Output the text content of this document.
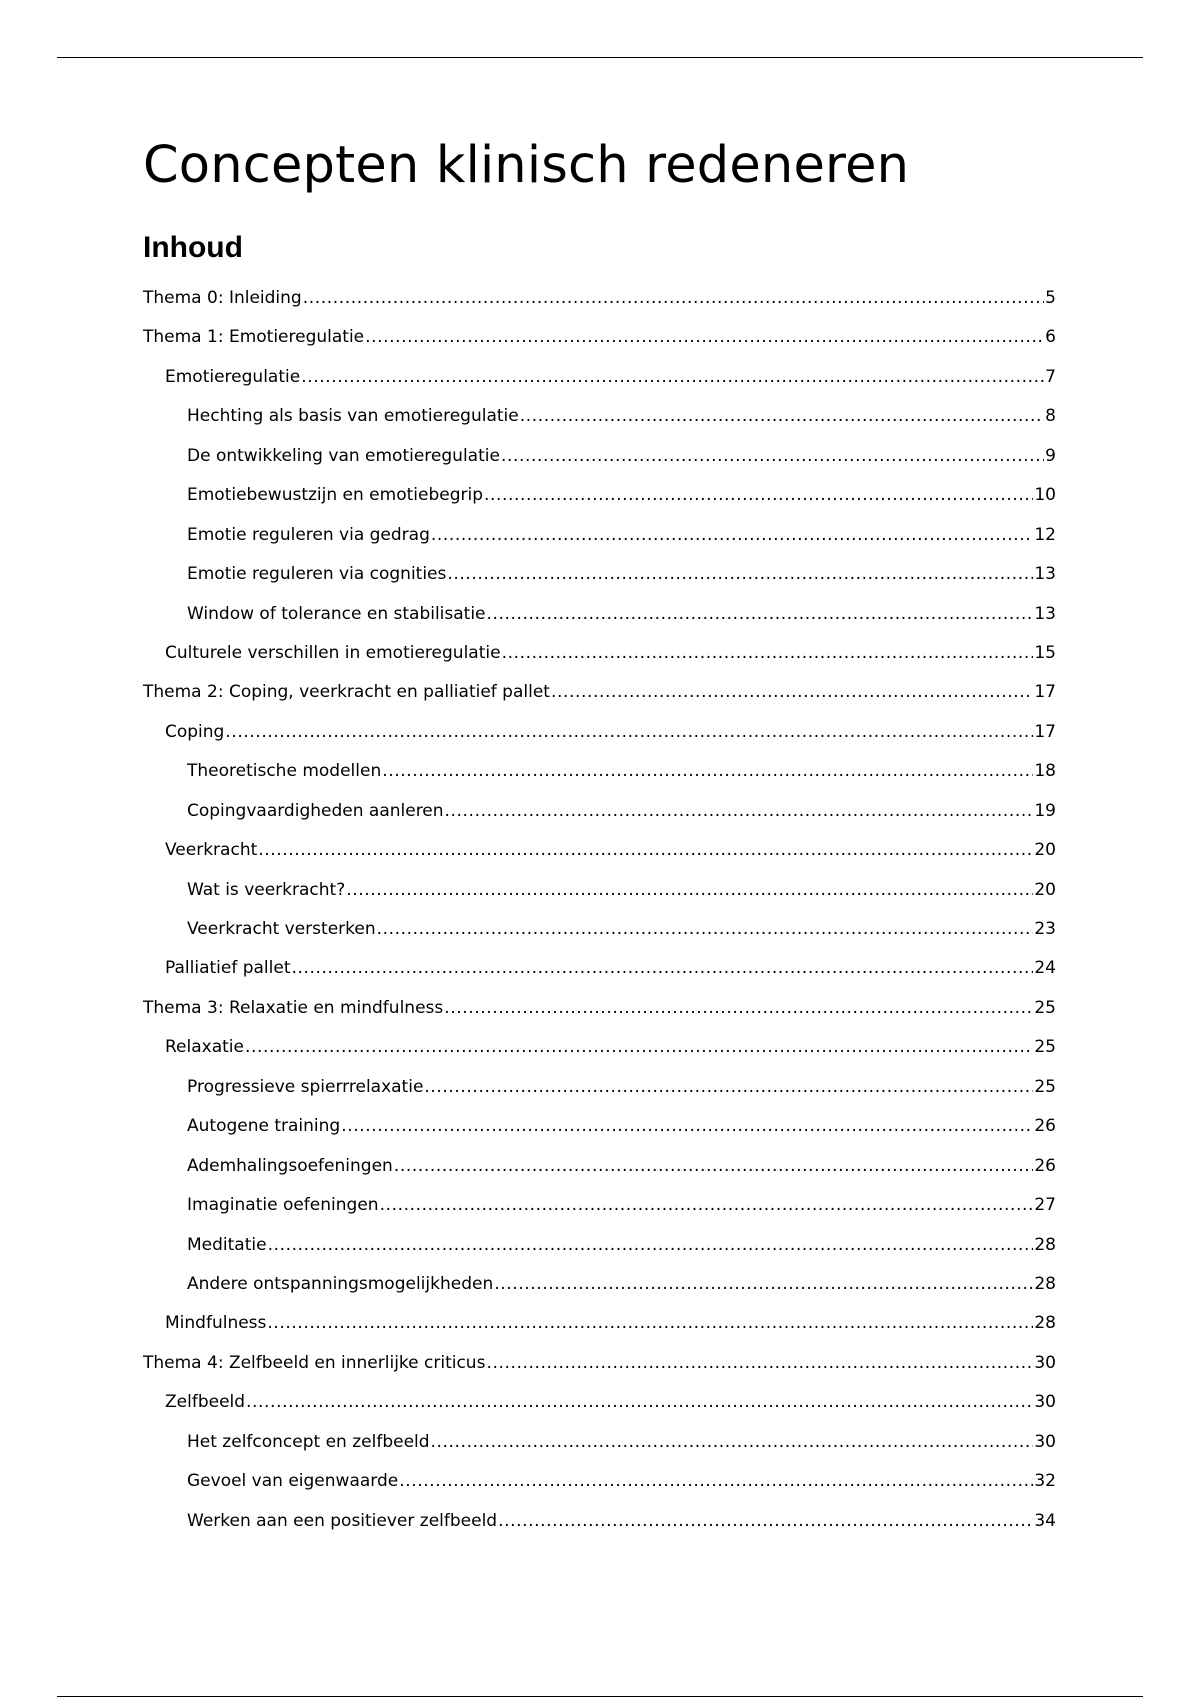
Concepten klinisch redeneren
Inhoud
Thema 0: Inleiding .....	5
Thema 1: Emotieregulatie .....	6
Emotieregulatie .....	7
Hechting als basis van emotieregulatie .....	8
De ontwikkeling van emotieregulatie .....	9
Emotiebewustzijn en emotiebegrip .....	10
Emotie reguleren via gedrag .....	12
Emotie reguleren via cognities .....	13
Window of tolerance en stabilisatie .....	13
Culturele verschillen in emotieregulatie .....	15
Thema 2: Coping, veerkracht en palliatief pallet .....	17
Coping .....	17
Theoretische modellen .....	18
Copingvaardigheden aanleren .....	19
Veerkracht .....	20
Wat is veerkracht? .....	20
Veerkracht versterken .....	23
Palliatief pallet .....	24
Thema 3: Relaxatie en mindfulness .....	25
Relaxatie .....	25
Progressieve spierrrelaxatie .....	25
Autogene training .....	26
Ademhalingsoefeningen .....	26
Imaginatie oefeningen .....	27
Meditatie .....	28
Andere ontspanningsmogelijkheden .....	28
Mindfulness .....	28
Thema 4: Zelfbeeld en innerlijke criticus .....	30
Zelfbeeld .....	30
Het zelfconcept en zelfbeeld .....	30
Gevoel van eigenwaarde .....	32
Werken aan een positiever zelfbeeld .....	34
